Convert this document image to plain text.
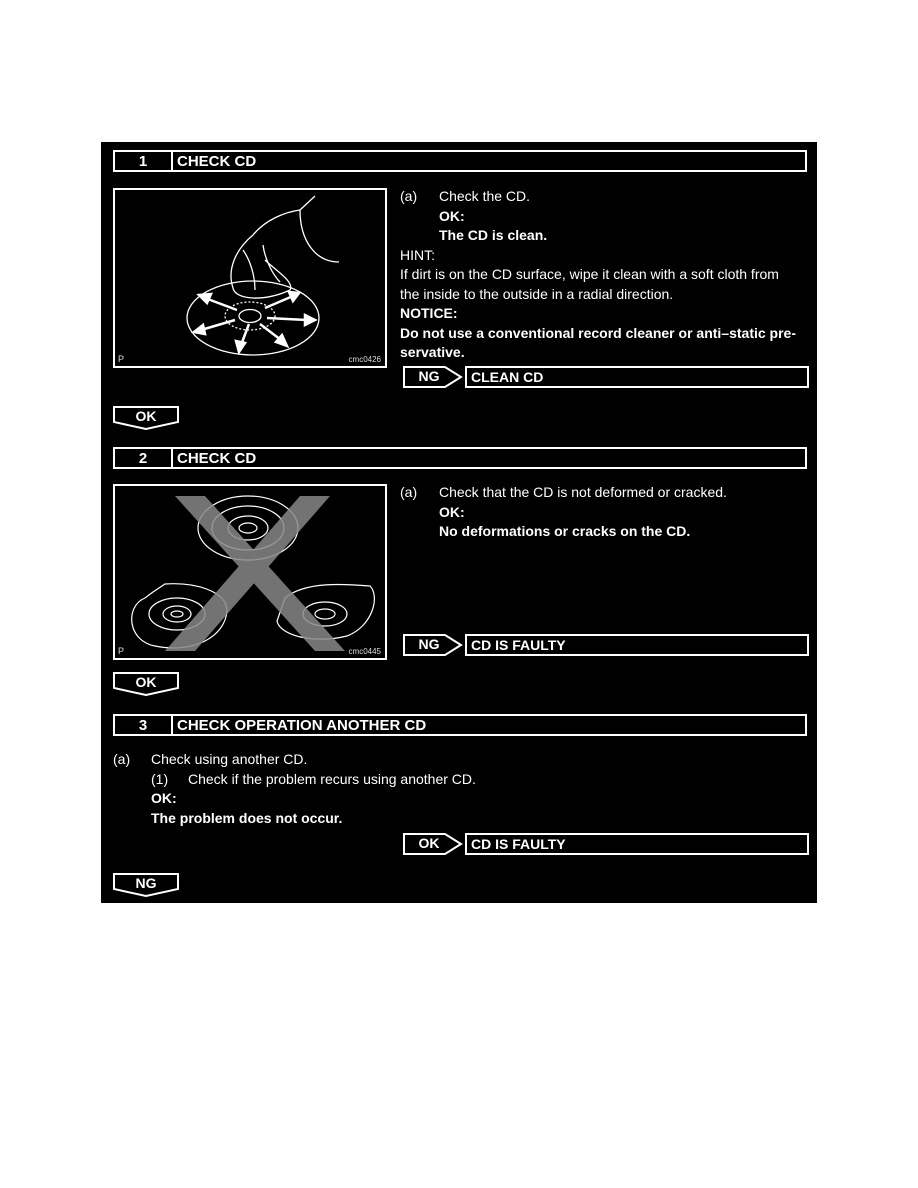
1	CHECK CD
P	cmc0426
(a) Check the CD.
OK:
The CD is clean.
HINT:
If dirt is on the CD surface, wipe it clean with a soft cloth from
the inside to the outside in a radial direction.
NOTICE:
Do not use a conventional record cleaner or anti–static pre-
servative.
NG	CLEAN CD
OK
2	CHECK CD
P	cmc0445
(a) Check that the CD is not deformed or cracked.
OK:
No deformations or cracks on the CD.
NG	CD IS FAULTY
OK
3	CHECK OPERATION ANOTHER CD
(a) Check using another CD.
(1) Check if the problem recurs using another CD.
OK:
The problem does not occur.
OK	CD IS FAULTY
NG
